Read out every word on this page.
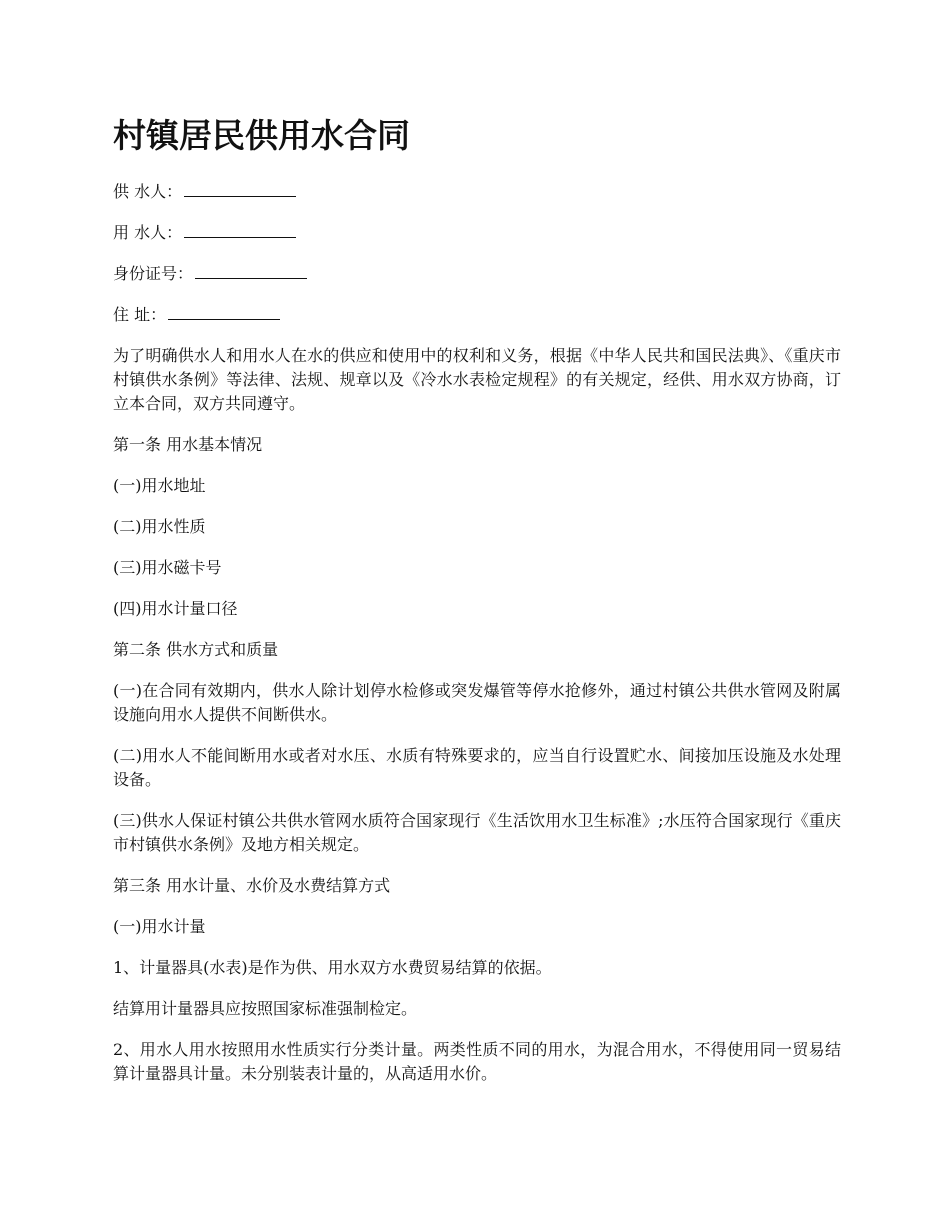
村镇居民供用水合同
供 水人：
用 水人：
身份证号：
住 址：

为了明确供水人和用水人在水的供应和使用中的权利和义务，根据《中华人民共和国民法典》、《重庆市村镇供水条例》等法律、法规、规章以及《冷水水表检定规程》的有关规定，经供、用水双方协商，订立本合同，双方共同遵守。

第一条 用水基本情况

(一)用水地址

(二)用水性质

(三)用水磁卡号

(四)用水计量口径

第二条 供水方式和质量

(一)在合同有效期内，供水人除计划停水检修或突发爆管等停水抢修外，通过村镇公共供水管网及附属设施向用水人提供不间断供水。

(二)用水人不能间断用水或者对水压、水质有特殊要求的，应当自行设置贮水、间接加压设施及水处理设备。

(三)供水人保证村镇公共供水管网水质符合国家现行《生活饮用水卫生标准》;水压符合国家现行《重庆市村镇供水条例》及地方相关规定。

第三条 用水计量、水价及水费结算方式

(一)用水计量

1、计量器具(水表)是作为供、用水双方水费贸易结算的依据。

结算用计量器具应按照国家标准强制检定。

2、用水人用水按照用水性质实行分类计量。两类性质不同的用水，为混合用水，不得使用同一贸易结算计量器具计量。未分别装表计量的，从高适用水价。
